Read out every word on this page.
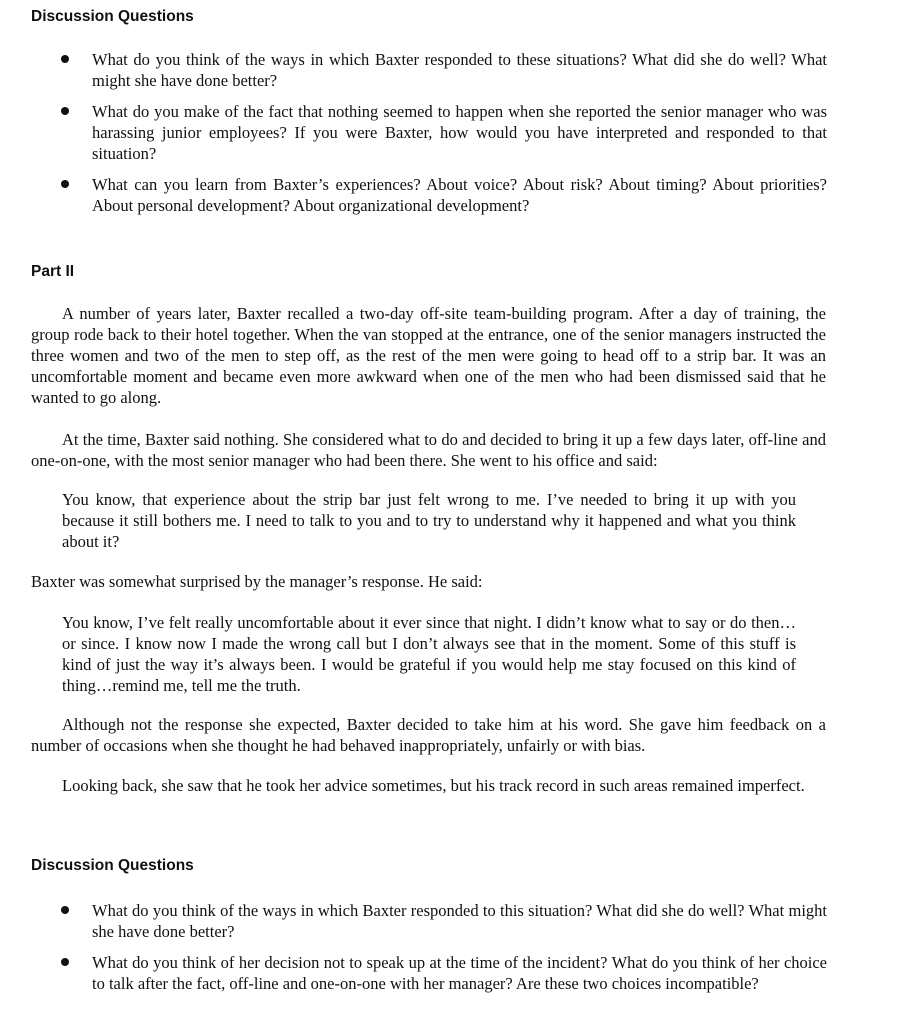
Discussion Questions

What do you think of the ways in which Baxter responded to these situations? What did she do well? What might she have done better?

What do you make of the fact that nothing seemed to happen when she reported the senior manager who was harassing junior employees? If you were Baxter, how would you have interpreted and responded to that situation?

What can you learn from Baxter’s experiences? About voice? About risk? About timing? About priorities? About personal development? About organizational development?

Part II

A number of years later, Baxter recalled a two-day off-site team-building program. After a day of training, the group rode back to their hotel together. When the van stopped at the entrance, one of the senior managers instructed the three women and two of the men to step off, as the rest of the men were going to head off to a strip bar. It was an uncomfortable moment and became even more awkward when one of the men who had been dismissed said that he wanted to go along.

At the time, Baxter said nothing. She considered what to do and decided to bring it up a few days later, off-line and one-on-one, with the most senior manager who had been there. She went to his office and said:

You know, that experience about the strip bar just felt wrong to me. I’ve needed to bring it up with you because it still bothers me. I need to talk to you and to try to understand why it happened and what you think about it?

Baxter was somewhat surprised by the manager’s response. He said:

You know, I’ve felt really uncomfortable about it ever since that night. I didn’t know what to say or do then…or since. I know now I made the wrong call but I don’t always see that in the moment. Some of this stuff is kind of just the way it’s always been. I would be grateful if you would help me stay focused on this kind of thing…remind me, tell me the truth.

Although not the response she expected, Baxter decided to take him at his word. She gave him feedback on a number of occasions when she thought he had behaved inappropriately, unfairly or with bias.

Looking back, she saw that he took her advice sometimes, but his track record in such areas remained imperfect.

Discussion Questions

What do you think of the ways in which Baxter responded to this situation? What did she do well? What might she have done better?

What do you think of her decision not to speak up at the time of the incident? What do you think of her choice to talk after the fact, off-line and one-on-one with her manager? Are these two choices incompatible?
